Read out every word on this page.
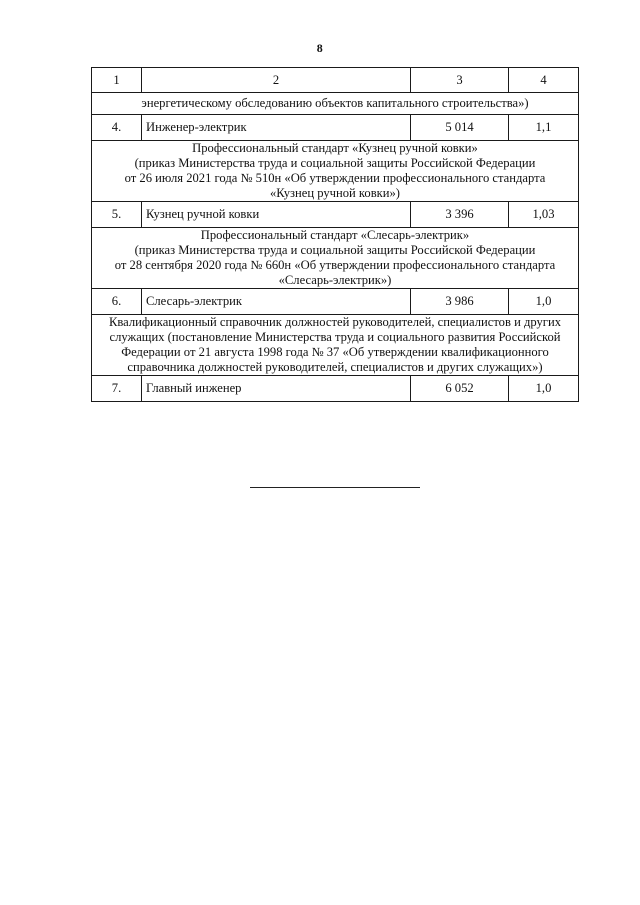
8
1	2	3	4
энергетическому обследованию объектов капитального строительства»)			
4.	Инженер-электрик	5 014	1,1

Профессиональный стандарт «Кузнец ручной ковки»
(приказ Министерства труда и социальной защиты Российской Федерации
от 26 июля 2021 года № 510н «Об утверждении профессионального стандарта
«Кузнец ручной ковки»)			

5.	Кузнец ручной ковки	3 396	1,03

Профессиональный стандарт «Слесарь-электрик»
(приказ Министерства труда и социальной защиты Российской Федерации
от 28 сентября 2020 года № 660н «Об утверждении профессионального стандарта
«Слесарь-электрик»)			

6.	Слесарь-электрик	3 986	1,0

Квалификационный справочник должностей руководителей, специалистов и других
служащих (постановление Министерства труда и социального развития Российской
Федерации от 21 августа 1998 года № 37 «Об утверждении квалификационного
справочника должностей руководителей, специалистов и других служащих»)			

7.	Главный инженер	6 052	1,0
